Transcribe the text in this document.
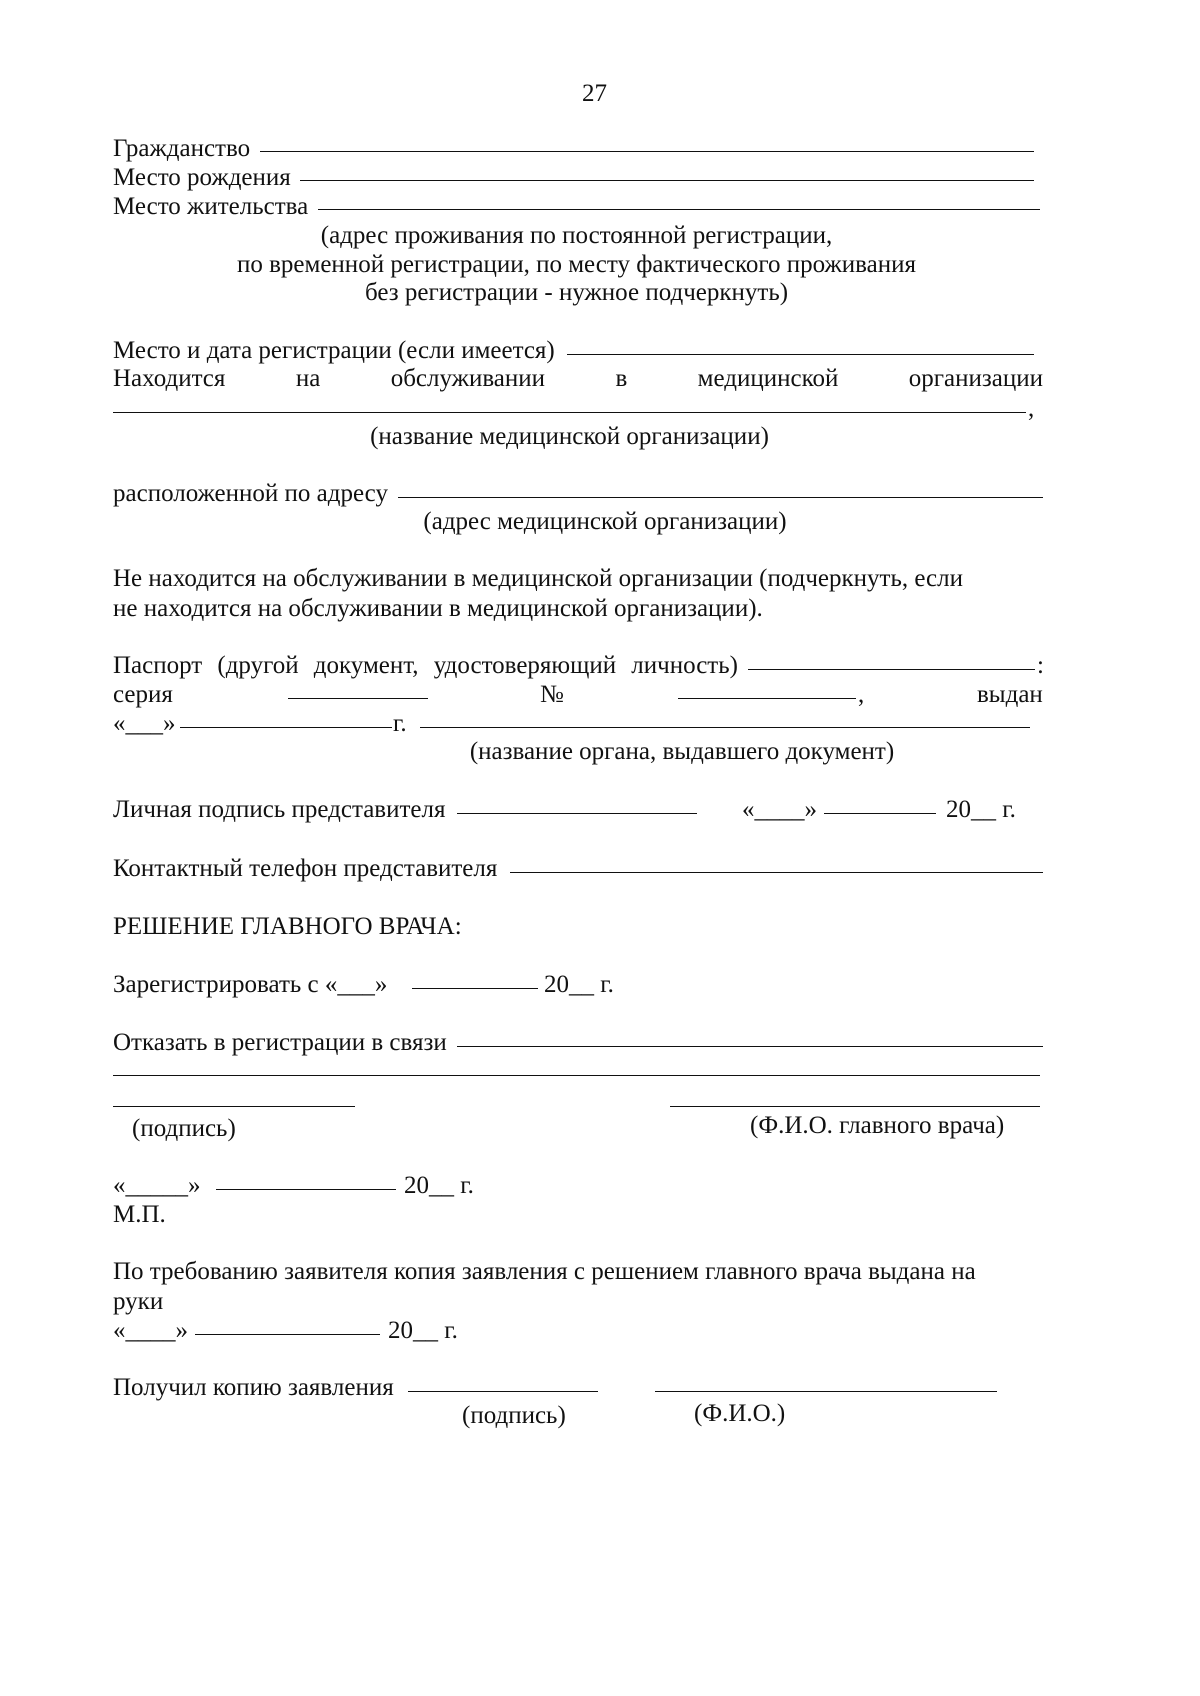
27
Гражданство
Место рождения
Место жительства
(адрес проживания по постоянной регистрации,
по временной регистрации, по месту фактического проживания
без регистрации - нужное подчеркнуть)
Место и дата регистрации (если имеется)
Находится	на	обслуживании	в	медицинской	организации
,
(название медицинской организации)
расположенной по адресу
(адрес медицинской организации)
Не находится на обслуживании в медицинской организации (подчеркнуть, если
не находится на обслуживании в медицинской организации).
Паспорт (другой документ, удостоверяющий личность)	:
серия	№	,	выдан
«___»	г.
(название органа, выдавшего документ)
Личная подпись представителя	«____»	20__ г.
Контактный телефон представителя
РЕШЕНИЕ ГЛАВНОГО ВРАЧА:
Зарегистрировать с «___»	20__ г.
Отказать в регистрации в связи
(подпись)	(Ф.И.О. главного врача)
«_____»	20__ г.
М.П.
По требованию заявителя копия заявления с решением главного врача выдана на
руки
«____»	20__ г.
Получил копию заявления
(подпись)	(Ф.И.О.)
